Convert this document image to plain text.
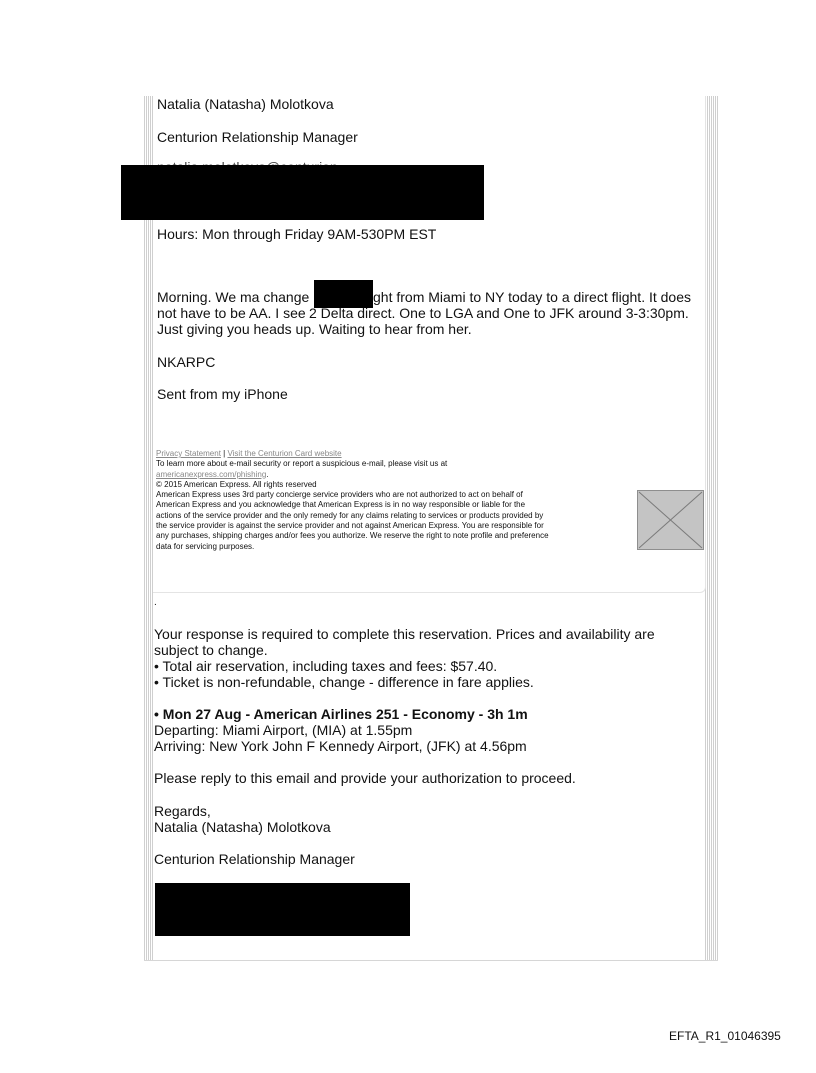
Natalia (Natasha) Molotkova
Centurion Relationship Manager
Hours: Mon through Friday 9AM-530PM EST
Morning. We ma change	ght from Miami to NY today to a direct flight. It does
not have to be AA. I see 2 Delta direct. One to LGA and One to JFK around 3-3:30pm.
Just giving you heads up. Waiting to hear from her.
NKARPC
Sent from my iPhone
Privacy Statement | Visit the Centurion Card website
To learn more about e-mail security or report a suspicious e-mail, please visit us at
americanexpress.com/phishing.
© 2015 American Express. All rights reserved
American Express uses 3rd party concierge service providers who are not authorized to act on behalf of
American Express and you acknowledge that American Express is in no way responsible or liable for the
actions of the service provider and the only remedy for any claims relating to services or products provided by
the service provider is against the service provider and not against American Express. You are responsible for
any purchases, shipping charges and/or fees you authorize. We reserve the right to note profile and preference
data for servicing purposes.
.
Your response is required to complete this reservation. Prices and availability are
subject to change.
• Total air reservation, including taxes and fees: $57.40.
• Ticket is non-refundable, change - difference in fare applies.
• Mon 27 Aug - American Airlines 251 - Economy - 3h 1m
Departing: Miami Airport, (MIA) at 1.55pm
Arriving: New York John F Kennedy Airport, (JFK) at 4.56pm
Please reply to this email and provide your authorization to proceed.
Regards,
Natalia (Natasha) Molotkova
Centurion Relationship Manager
EFTA_R1_01046395
